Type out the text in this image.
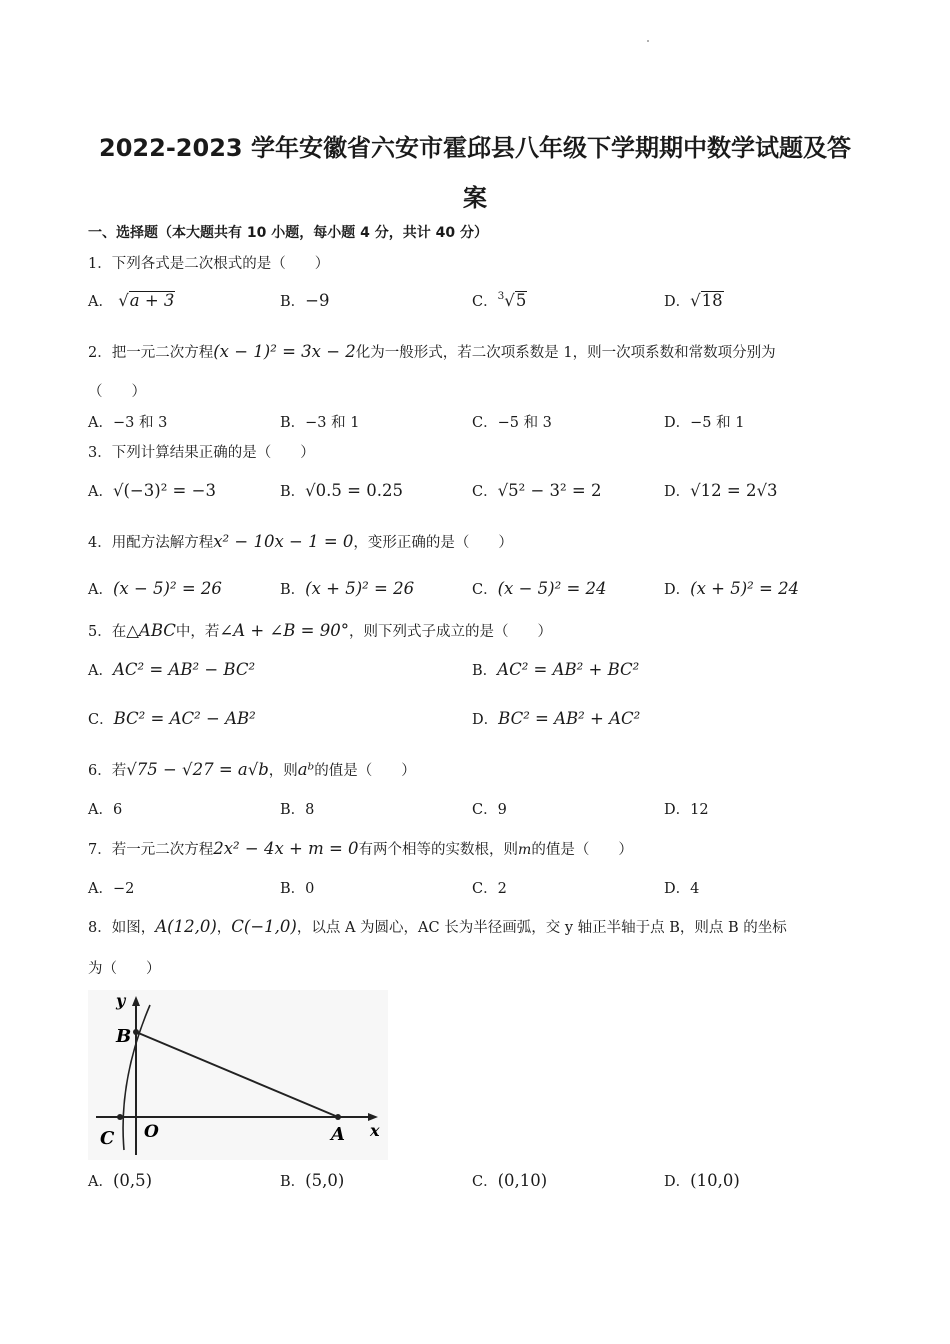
2022-2023 学年安徽省六安市霍邱县八年级下学期期中数学试题及答
案
一、选择题（本大题共有 10 小题，每小题 4 分，共计 40 分）
1．下列各式是二次根式的是（　　）
A． √a + 3	B．−9	C．$^3$√5	D．√18
2．把一元二次方程(x − 1)² = 3x − 2化为一般形式，若二次项系数是 1，则一次项系数和常数项分别为
（　　）
A．−3 和 3	B．−3 和 1	C．−5 和 3	D．−5 和 1
3．下列计算结果正确的是（　　）
A．√(−3)² = −3	B．√0.5 = 0.25	C．√5² − 3² = 2	D．√12 = 2√3
4．用配方法解方程x² − 10x − 1 = 0，变形正确的是（　　）
A．(x − 5)² = 26	B．(x + 5)² = 26	C．(x − 5)² = 24	D．(x + 5)² = 24
5．在△ABC中，若∠A + ∠B = 90°，则下列式子成立的是（　　）
A．AC² = AB² − BC²	B．AC² = AB² + BC²
C．BC² = AC² − AB²	D．BC² = AB² + AC²
6．若√75 − √27 = a√b，则aᵇ的值是（　　）
A．6	B．8	C．9	D．12
7．若一元二次方程2x² − 4x + m = 0有两个相等的实数根，则m的值是（　　）
A．−2	B．0	C．2	D．4
8．如图，A(12,0)，C(−1,0)，以点 A 为圆心，AC 长为半径画弧，交 y 轴正半轴于点 B，则点 B 的坐标
为（　　）
y
x
B
C O	A
A．(0,5)	B．(5,0)	C．(0,10)	D．(10,0)
